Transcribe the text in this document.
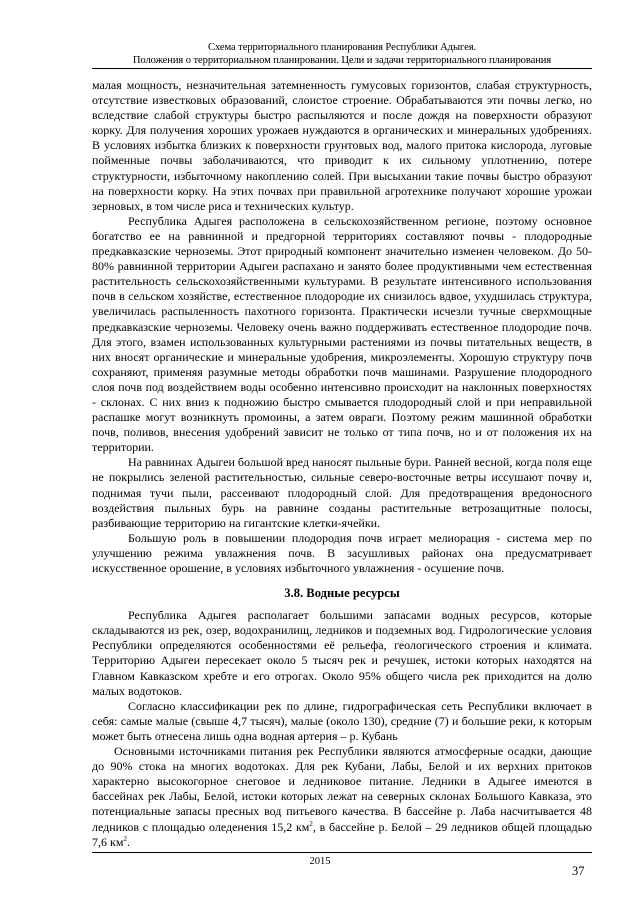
Схема территориального планирования Республики Адыгея.
Положения о территориальном планировании. Цели и задачи территориального планирования

малая мощность, незначительная затемненность гумусовых горизонтов, слабая структурность, отсутствие известковых образований, слоистое строение. Обрабатываются эти почвы легко, но вследствие слабой структуры быстро распыляются и после дождя на поверхности образуют корку. Для получения хороших урожаев нуждаются в органических и минеральных удобрениях. В условиях избытка близких к поверхности грунтовых вод, малого притока кислорода, луговые пойменные почвы заболачиваются, что приводит к их сильному уплотнению, потере структурности, избыточному накоплению солей. При высыхании такие почвы быстро образуют на поверхности корку. На этих почвах при правильной агротехнике получают хорошие урожаи зерновых, в том числе риса и технических культур.

Республика Адыгея расположена в сельскохозяйственном регионе, поэтому основное богатство ее на равнинной и предгорной территориях составляют почвы - плодородные предкавказские черноземы. Этот природный компонент значительно изменен человеком. До 50- 80% равнинной территории Адыгеи распахано и занято более продуктивными чем естественная растительность сельскохозяйственными культурами. В результате интенсивного использования почв в сельском хозяйстве, естественное плодородие их снизилось вдвое, ухудшилась структура, увеличилась распыленность пахотного горизонта. Практически исчезли тучные сверхмощные предкавказские черноземы. Человеку очень важно поддерживать естественное плодородие почв. Для этого, взамен использованных культурными растениями из почвы питательных веществ, в них вносят органические и минеральные удобрения, микроэлементы. Хорошую структуру почв сохраняют, применяя разумные методы обработки почв машинами. Разрушение плодородного слоя почв под воздействием воды особенно интенсивно происходит на наклонных поверхностях - склонах. С них вниз к подножию быстро смывается плодородный слой и при неправильной распашке могут возникнуть промоины, а затем овраги. Поэтому режим машинной обработки почв, поливов, внесения удобрений зависит не только от типа почв, но и от положения их на территории.

На равнинах Адыгеи большой вред наносят пыльные бури. Ранней весной, когда поля еще не покрылись зеленой растительностью, сильные северо-восточные ветры иссушают почву и, поднимая тучи пыли, рассеивают плодородный слой. Для предотвращения вредоносного воздействия пыльных бурь на равнине созданы растительные ветрозащитные полосы, разбивающие территорию на гигантские клетки-ячейки.

Большую роль в повышении плодородия почв играет мелиорация - система мер по улучшению режима увлажнения почв. В засушливых районах она предусматривает искусственное орошение, в условиях избыточного увлажнения - осушение почв.

3.8. Водные ресурсы

Республика Адыгея располагает большими запасами водных ресурсов, которые складываются из рек, озер, водохранилищ, ледников и подземных вод. Гидрологические условия Республики определяются особенностями её рельефа, геологического строения и климата. Территорию Адыгеи пересекает около 5 тысяч рек и речушек, истоки которых находятся на Главном Кавказском хребте и его отрогах. Около 95% общего числа рек приходится на долю малых водотоков.

Согласно классификации рек по длине, гидрографическая сеть Республики включает в себя: самые малые (свыше 4,7 тысяч), малые (около 130), средние (7) и большие реки, к которым может быть отнесена лишь одна водная артерия – р. Кубань

Основными источниками питания рек Республики являются атмосферные осадки, дающие до 90% стока на многих водотоках. Для рек Кубани, Лабы, Белой и их верхних притоков характерно высокогорное снеговое и ледниковое питание. Ледники в Адыгее имеются в бассейнах рек Лабы, Белой, истоки которых лежат на северных склонах Большого Кавказа, это потенциальные запасы пресных вод питьевого качества. В бассейне р. Лаба насчитывается 48 ледников с площадью оледенения 15,2 $км^2$, в бассейне р. Белой – 29 ледников общей площадью 7,6 $км^2$.

2015
37
